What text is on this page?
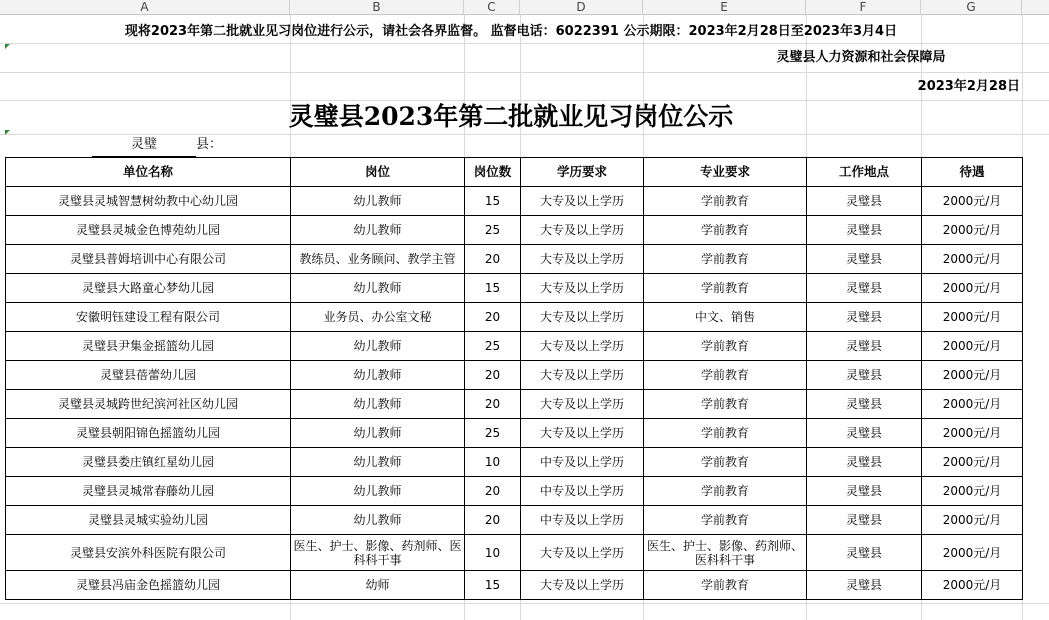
A	B	C	D	E	F	G
现将2023年第二批就业见习岗位进行公示，请社会各界监督。 监督电话：6022391 公示期限：2023年2月28日至2023年3月4日
灵璧县人力资源和社会保障局
2023年2月28日
灵璧县2023年第二批就业见习岗位公示
灵璧	县：
单位名称	岗位	岗位数	学历要求	专业要求	工作地点	待遇
灵璧县灵城智慧树幼教中心幼儿园	幼儿教师	15	大专及以上学历	学前教育	灵璧县	2000元/月
灵璧县灵城金色博苑幼儿园	幼儿教师	25	大专及以上学历	学前教育	灵璧县	2000元/月
灵璧县普姆培训中心有限公司	教练员、业务顾问、教学主管	20	大专及以上学历	学前教育	灵璧县	2000元/月
灵璧县大路童心梦幼儿园	幼儿教师	15	大专及以上学历	学前教育	灵璧县	2000元/月
安徽明钰建设工程有限公司	业务员、办公室文秘	20	大专及以上学历	中文、销售	灵璧县	2000元/月
灵璧县尹集金摇篮幼儿园	幼儿教师	25	大专及以上学历	学前教育	灵璧县	2000元/月
灵璧县蓓蕾幼儿园	幼儿教师	20	大专及以上学历	学前教育	灵璧县	2000元/月
灵璧县灵城跨世纪滨河社区幼儿园	幼儿教师	20	大专及以上学历	学前教育	灵璧县	2000元/月
灵璧县朝阳锦色摇篮幼儿园	幼儿教师	25	大专及以上学历	学前教育	灵璧县	2000元/月
灵璧县娄庄镇红星幼儿园	幼儿教师	10	中专及以上学历	学前教育	灵璧县	2000元/月
灵璧县灵城常春藤幼儿园	幼儿教师	20	中专及以上学历	学前教育	灵璧县	2000元/月
灵璧县灵城实验幼儿园	幼儿教师	20	中专及以上学历	学前教育	灵璧县	2000元/月
灵璧县安滨外科医院有限公司	医生、护士、影像、药剂师、医科科干事	10	大专及以上学历	医生、护士、影像、药剂师、医科科干事	灵璧县	2000元/月
灵璧县冯庙金色摇篮幼儿园	幼师	15	大专及以上学历	学前教育	灵璧县	2000元/月
